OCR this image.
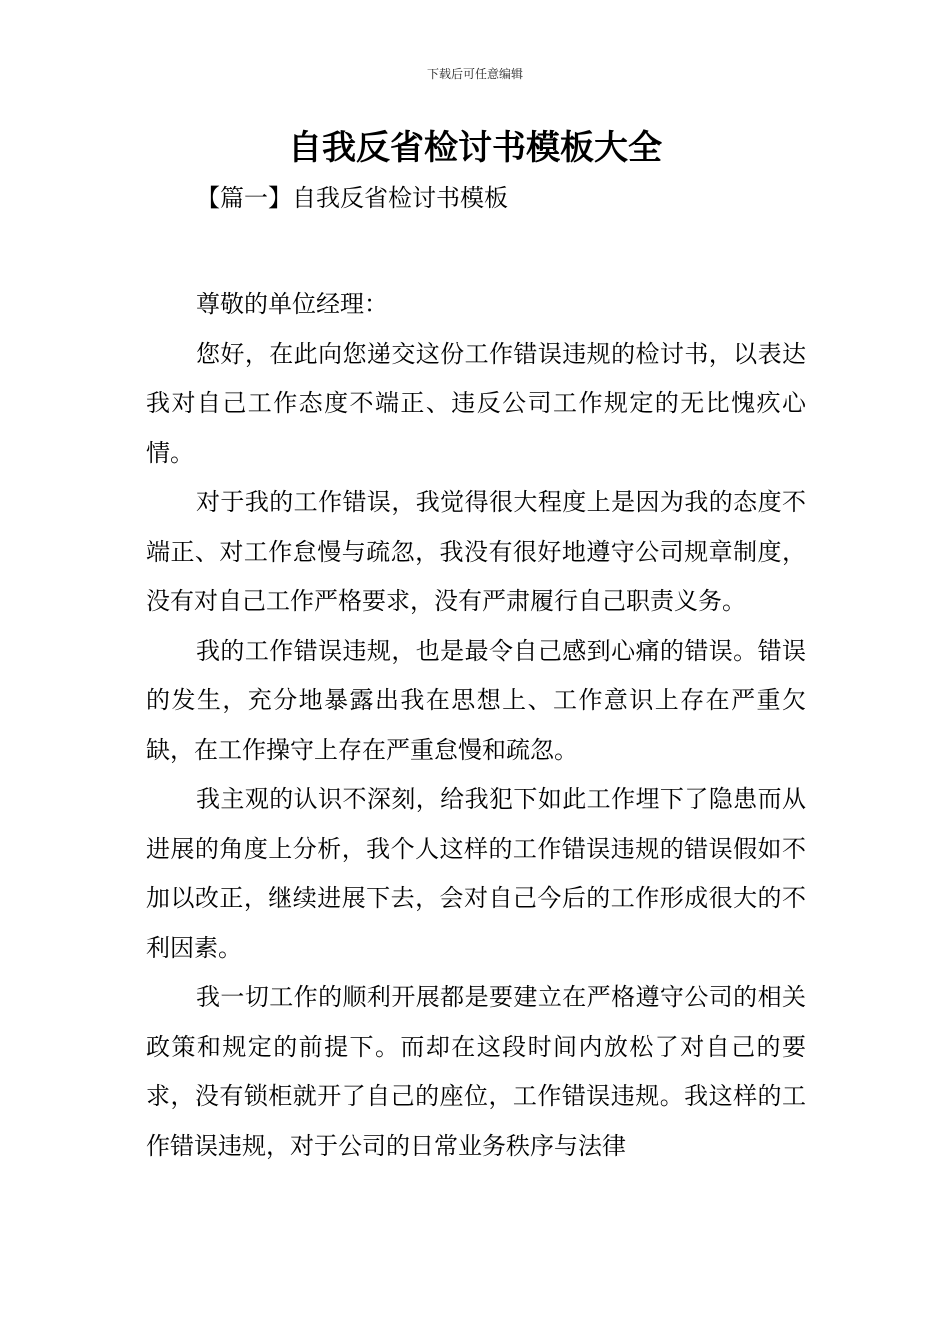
下载后可任意编辑
自我反省检讨书模板大全
【篇一】自我反省检讨书模板

尊敬的单位经理：

您好，在此向您递交这份工作错误违规的检讨书，以表达我对自己工作态度不端正、违反公司工作规定的无比愧疚心情。

对于我的工作错误，我觉得很大程度上是因为我的态度不端正、对工作怠慢与疏忽，我没有很好地遵守公司规章制度，没有对自己工作严格要求，没有严肃履行自己职责义务。

我的工作错误违规，也是最令自己感到心痛的错误。错误的发生，充分地暴露出我在思想上、工作意识上存在严重欠缺，在工作操守上存在严重怠慢和疏忽。

我主观的认识不深刻，给我犯下如此工作埋下了隐患而从进展的角度上分析，我个人这样的工作错误违规的错误假如不加以改正，继续进展下去，会对自己今后的工作形成很大的不利因素。

我一切工作的顺利开展都是要建立在严格遵守公司的相关政策和规定的前提下。而却在这段时间内放松了对自己的要求，没有锁柜就开了自己的座位，工作错误违规。我这样的工作错误违规，对于公司的日常业务秩序与法律
